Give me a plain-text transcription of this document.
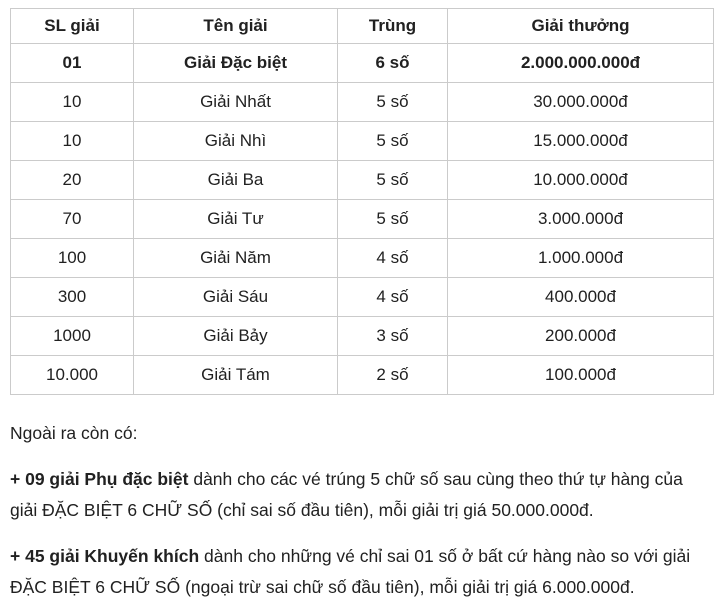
SL giải	Tên giải	Trùng	Giải thưởng
01	Giải Đặc biệt	6 số	2.000.000.000đ
10	Giải Nhất	5 số	30.000.000đ
10	Giải Nhì	5 số	15.000.000đ
20	Giải Ba	5 số	10.000.000đ
70	Giải Tư	5 số	3.000.000đ
100	Giải Năm	4 số	1.000.000đ
300	Giải Sáu	4 số	400.000đ
1000	Giải Bảy	3 số	200.000đ
10.000	Giải Tám	2 số	100.000đ
Ngoài ra còn có:

+ 09 giải Phụ đặc biệt dành cho các vé trúng 5 chữ số sau cùng theo thứ tự hàng của giải ĐẶC BIỆT 6 CHỮ SỐ (chỉ sai số đầu tiên), mỗi giải trị giá 50.000.000đ.

+ 45 giải Khuyến khích dành cho những vé chỉ sai 01 số ở bất cứ hàng nào so với giải ĐẶC BIỆT 6 CHỮ SỐ (ngoại trừ sai chữ số đầu tiên), mỗi giải trị giá 6.000.000đ.
